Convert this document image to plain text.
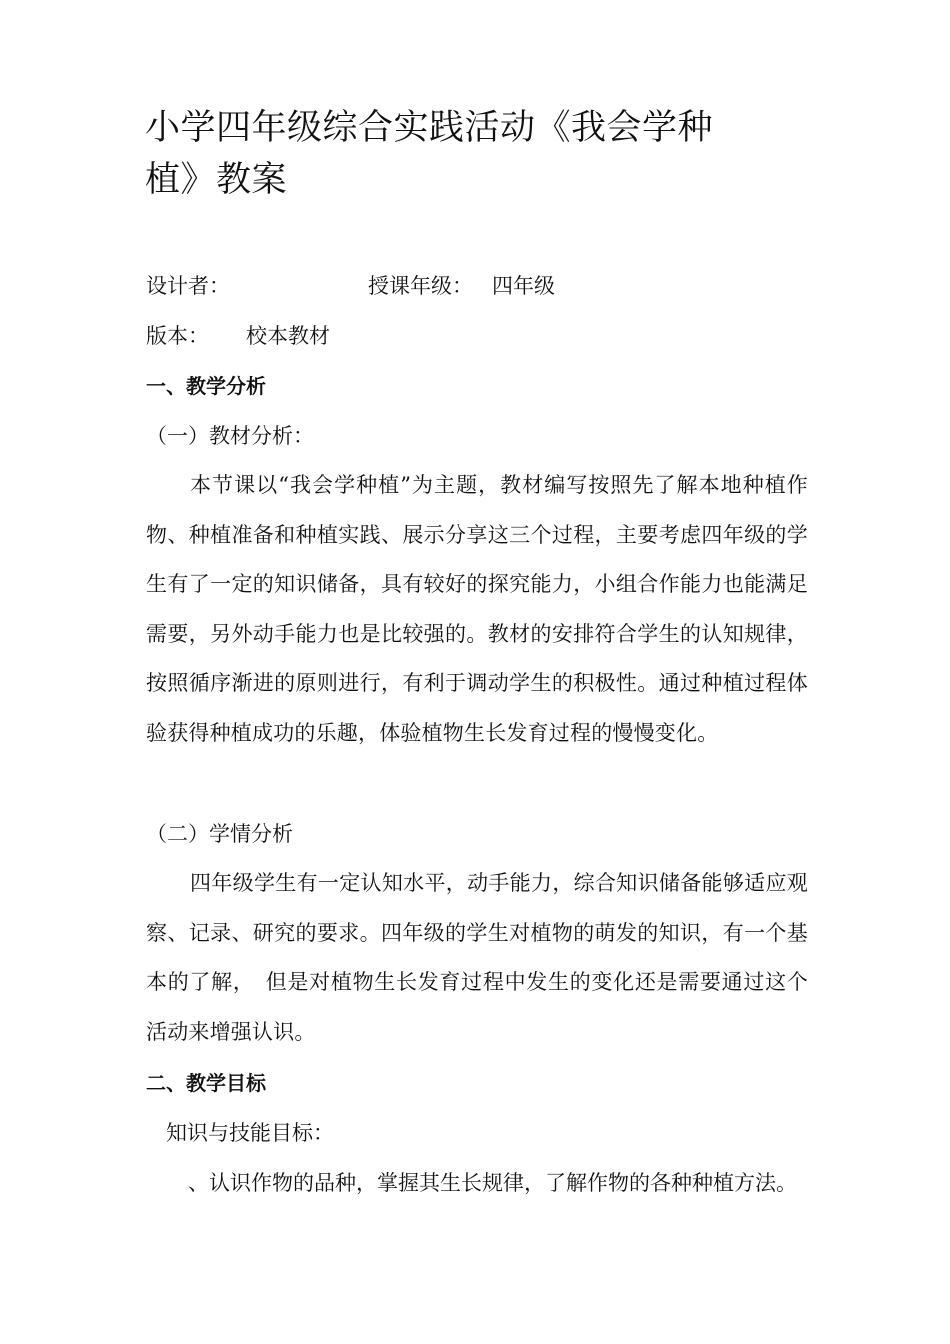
小学四年级综合实践活动《我会学种
植》教案
设计者：	授课年级： 四年级
版本： 校本教材
一、教学分析
（一）教材分析：

本节课以“我会学种植”为主题，教材编写按照先了解本地种植作物、种植准备和种植实践、展示分享这三个过程，主要考虑四年级的学生有了一定的知识储备，具有较好的探究能力，小组合作能力也能满足需要，另外动手能力也是比较强的。教材的安排符合学生的认知规律，按照循序渐进的原则进行，有利于调动学生的积极性。通过种植过程体验获得种植成功的乐趣，体验植物生长发育过程的慢慢变化。

（二）学情分析

四年级学生有一定认知水平，动手能力，综合知识储备能够适应观察、记录、研究的要求。四年级的学生对植物的萌发的知识，有一个基本的了解，　但是对植物生长发育过程中发生的变化还是需要通过这个活动来增强认识。

二、教学目标
知识与技能目标：
、认识作物的品种，掌握其生长规律，了解作物的各种种植方法。
